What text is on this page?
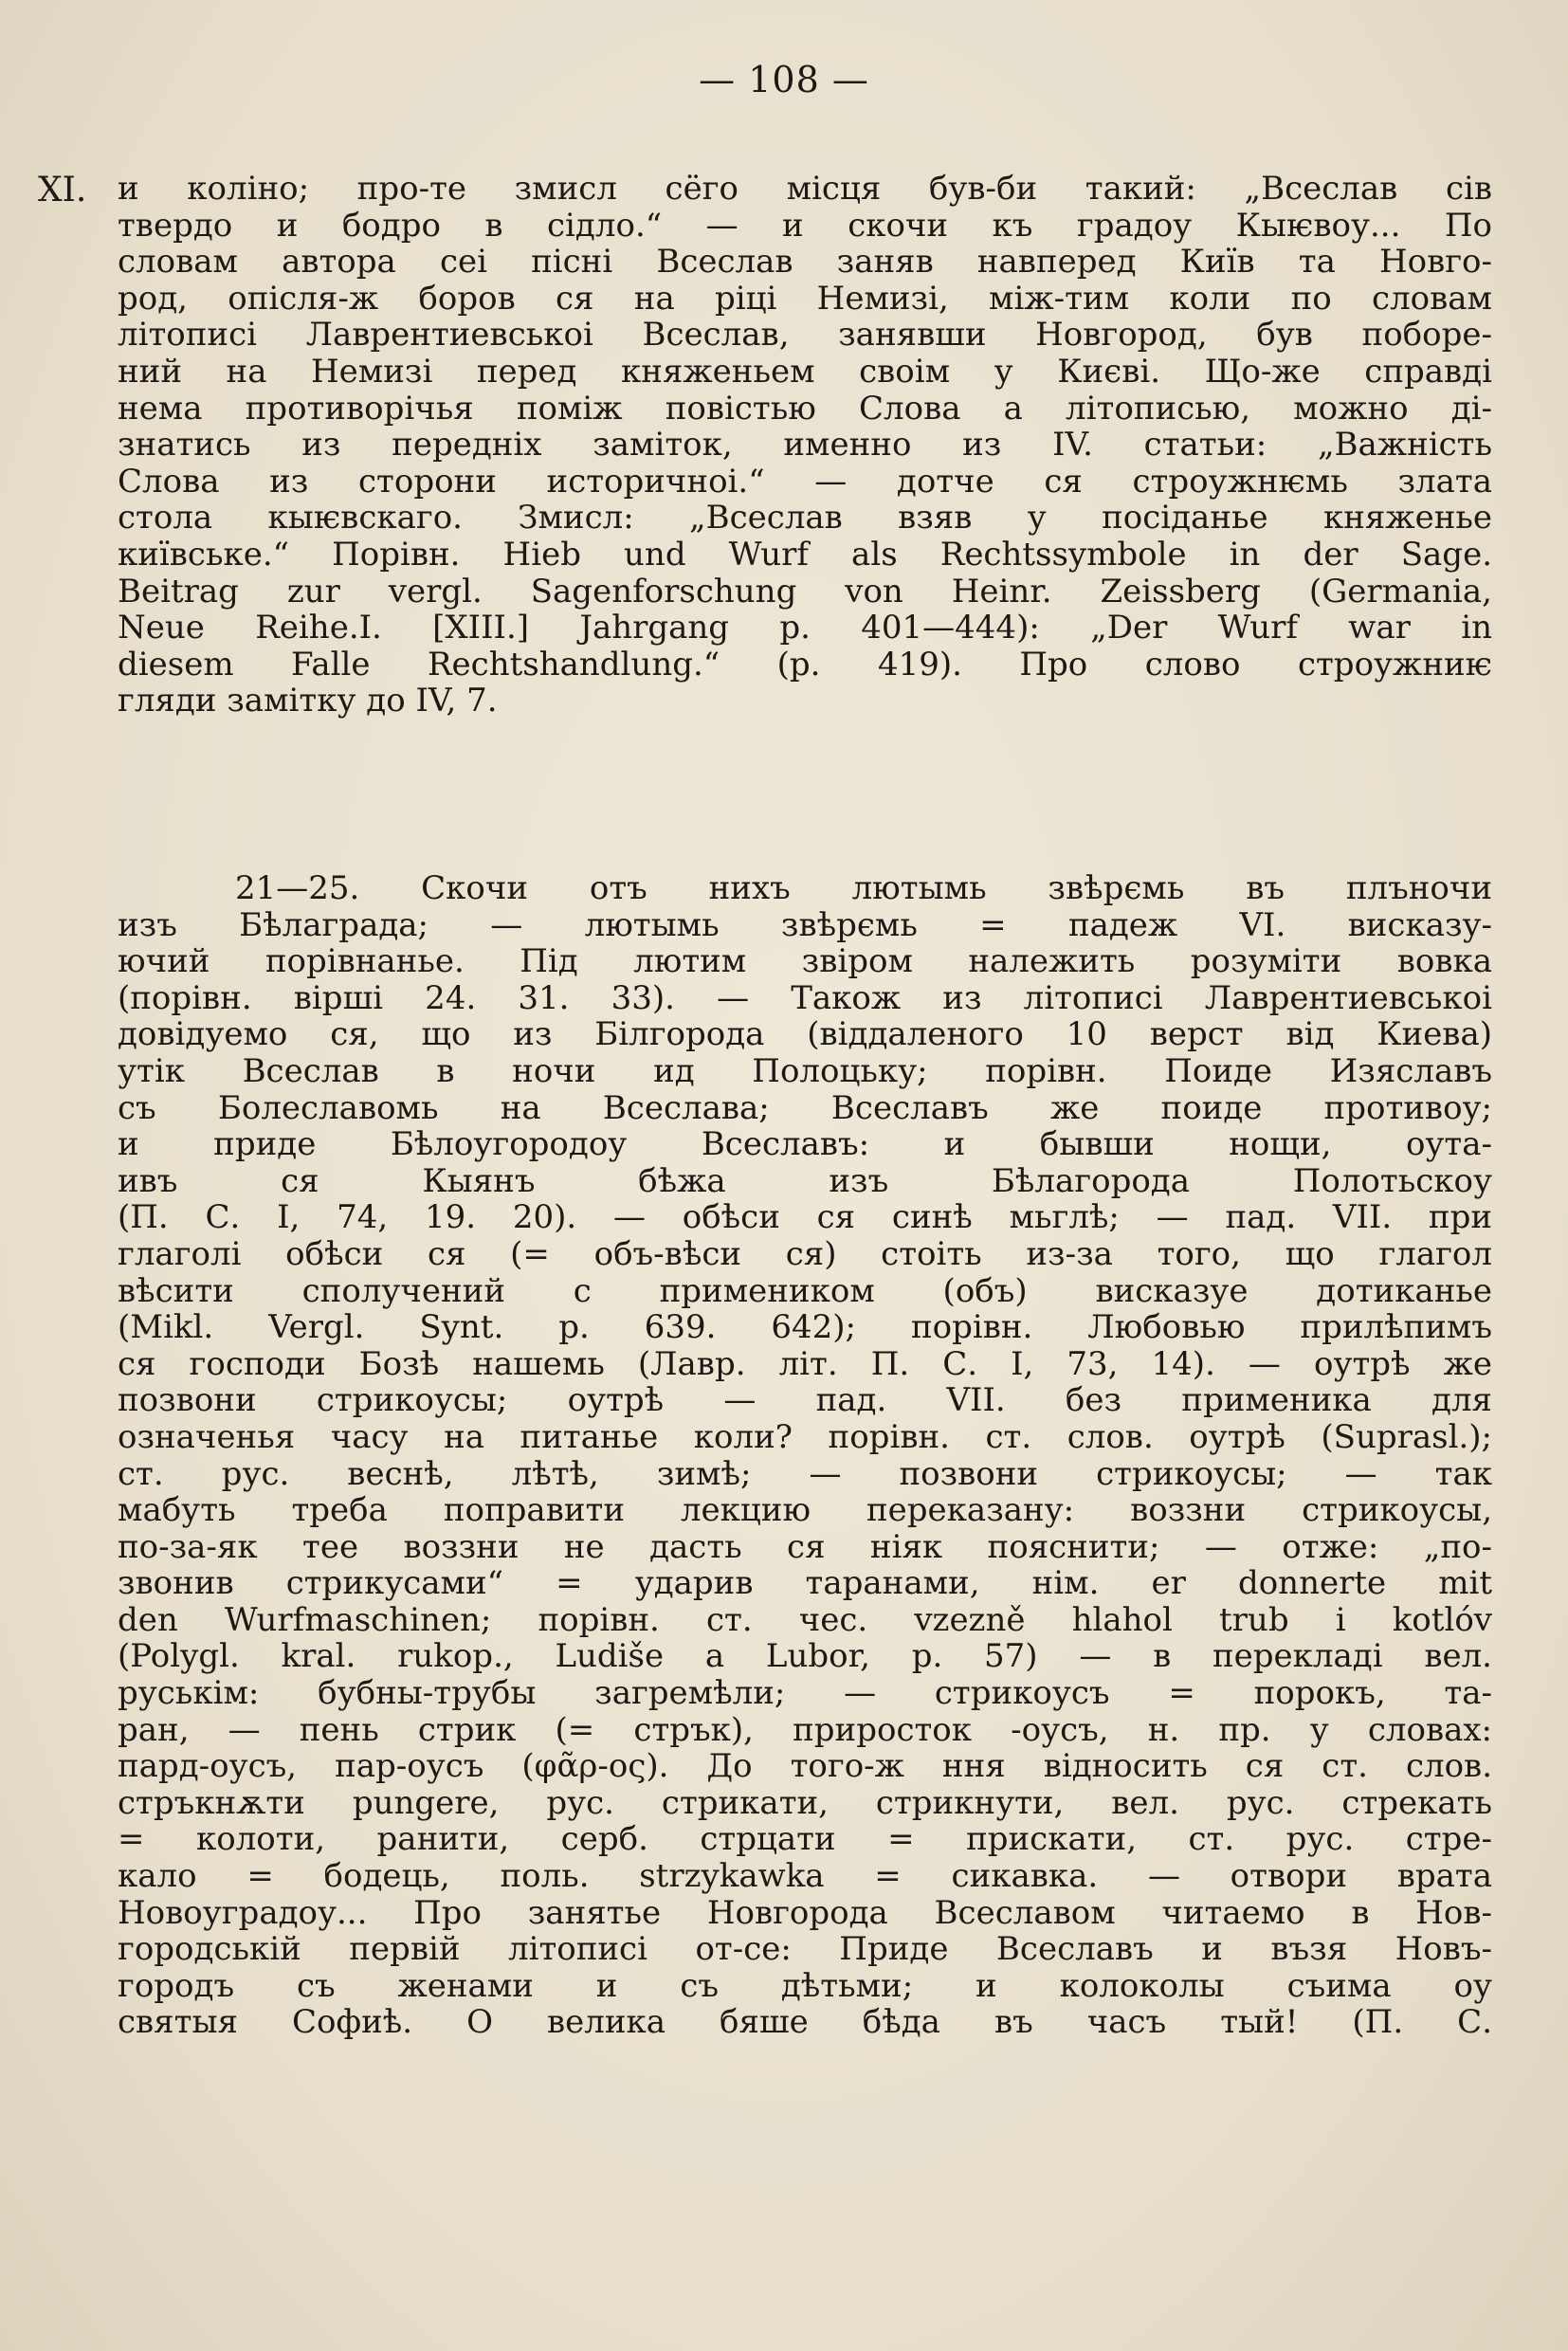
— 108 —
XI. и коліно; про-те змисл сёго місця був-би такий: „Всеслав сів
твердо и бодро в сідло.“ — и скочи къ градоу Кыѥвоу... По
словам автора сеі пісні Всеслав заняв навперед Київ та Новго-
род, опісля-ж боров ся на ріці Немизі, між-тим коли по словам
літописі Лаврентиевськоі Всеслав, занявши Новгород, був поборе-
ний на Немизі перед княженьем своім у Києві. Що-же справді
нема противорічья поміж повістью Слова а літописью, можно ді-
знатись из передніх заміток, именно из IV. статьи: „Важність
Слова из сторони историчноі.“ — дотче ся строужнѥмь злата
стола кыѥвскаго. Змисл: „Всеслав взяв у посіданье княженье
київське.“ Порівн. Hieb und Wurf als Rechtssymbole in der Sage.
Beitrag zur vergl. Sagenforschung von Heinr. Zeissberg (Germania,
Neue Reihe.I. [XIII.] Jahrgang p. 401—444): „Der Wurf war in
diesem Falle Rechtshandlung.“ (p. 419). Про слово строужниѥ
гляди замітку до IV, 7.
21—25. Скочи отъ нихъ лютымь звѣрємь въ плъночи
изъ Бѣлаграда; — лютымь звѣрємь = падеж VI. висказу-
ючий порівнанье. Під лютим звіром належить розуміти вовка
(порівн. вірші 24. 31. 33). — Також из літописі Лаврентиевськоі
довідуемо ся, що из Білгорода (віддаленого 10 верст від Киева)
утік Всеслав в ночи ид Полоцьку; порівн. Поиде Изяславъ
съ Болеславомь на Всеслава; Всеславъ же поиде противоу;
и приде Бѣлоугородоу Всеславъ: и бывши нощи, оута-
ивъ ся Кыянъ бѣжа изъ Бѣлагорода Полотьскоу
(П. С. I, 74, 19. 20). — обѣси ся синѣ мьглѣ; — пад. VII. при
глаголі обѣси ся (= объ-вѣси ся) стоіть из-за того, що глагол
вѣсити сполучений с примеником (объ) висказуе дотиканье
(Mikl. Vergl. Synt. p. 639. 642); порівн. Любовью прилѣпимъ
ся господи Бозѣ нашемь (Лавр. літ. П. С. I, 73, 14). — оутрѣ же
позвони стрикоусы; оутрѣ — пад. VII. без применика для
означенья часу на питанье коли? порівн. ст. слов. оутрѣ (Suprasl.);
ст. рус. веснѣ, лѣтѣ, зимѣ; — позвони стрикоусы; — так
мабуть треба поправити лекцию переказану: воззни стрикоусы,
по-за-як тее воззни не дасть ся ніяк пояснити; — отже: „по-
звонив стрикусами“ = ударив таранами, нім. er donnerte mit
den Wurfmaschinen; порівн. ст. чес. vzezně hlahol trub i kotlóv
(Polygl. kral. rukop., Ludiše a Lubor, p. 57) — в перекладі вел.
руськім: бубны-трубы загремѣли; — стрикоусъ = порокъ, та-
ран, — пень стрик (= стрък), приросток -оусъ, н. пр. у словах:
пард-оусъ, пар-оусъ (φᾶρ-ος). До того-ж ння відносить ся ст. слов.
стръкнѫти pungere, рус. стрикати, стрикнути, вел. рус. стрекать
= колоти, ранити, серб. стрцати = прискати, ст. рус. стре-
кало = бодець, поль. strzykawka = сикавка. — отвори врата
Новоуградоу... Про занятье Новгорода Всеславом читаемо в Нов-
городській первій літописі от-се: Приде Всеславъ и възя Новъ-
городъ съ женами и съ дѣтьми; и колоколы съима оу
святыя Софиѣ. О велика бяше бѣда въ часъ тый! (П. С.
